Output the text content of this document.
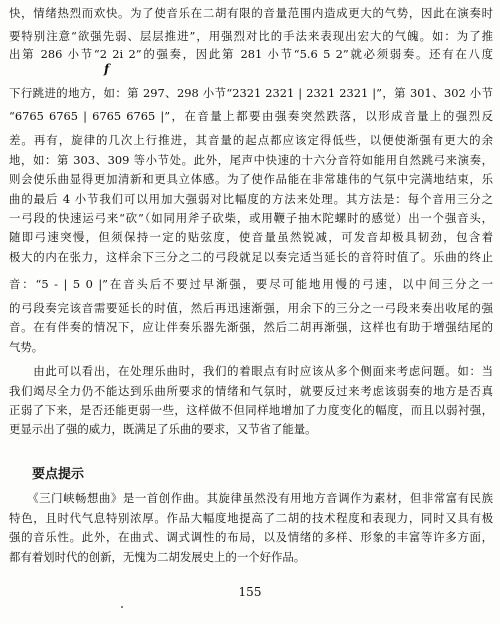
快，情绪热烈而欢快。为了使音乐在二胡有限的音量范围内造成更大的气势，因此在演奏时
要特别注意“欲强先弱、层层推进”，用强烈对比的手法来表现出宏大的气魄。如：为了推
出第 286 小节“2 2i 2”的强奏，因此第 281 小节“5.6 5 2”就必须弱奏。还有在八度
f
下行跳进的地方，如：第 297、298 小节“2321 2321 | 2321 2321 |”，第 301、302 小节
“6765 6765 | 6765 6765 |”，在音量上都要由强奏突然跌落，以形成音量上的强烈反
差。再有，旋律的几次上行推进，其音量的起点都应该定得低些，以便使渐强有更大的余
地，如：第 303、309 等小节处。此外，尾声中快速的十六分音符如能用自然跳弓来演奏，
则会使乐曲显得更加清新和更具立体感。为了使作品能在非常雄伟的气氛中完满地结束，乐
曲的最后 4 小节我们可以用加大强弱对比幅度的方法来处理。其方法是：每个音用三分之
一弓段的快速运弓来“砍”（如同用斧子砍柴，或用鞭子抽木陀螺时的感觉）出一个强音头，
随即弓速突慢，但须保持一定的贴弦度，使音量虽然锐减，可发音却极具韧劲，包含着
极大的内在张力，这样余下三分之二的弓段就足以奏完适当延长的音符时值了。乐曲的终止
音：“5 - | 5 0 |”在音头后不要过早渐强，要尽可能地用慢的弓速，以中间三分之一
的弓段奏完该音需要延长的时值，然后再迅速渐强，用余下的三分之一弓段来奏出收尾的强
音。在有伴奏的情况下，应让伴奏乐器先渐强，然后二胡再渐强，这样也有助于增强结尾的
气势。
　　由此可以看出，在处理乐曲时，我们的着眼点有时应该从多个侧面来考虑问题。如：当
我们竭尽全力仍不能达到乐曲所要求的情绪和气氛时，就要反过来考虑该弱奏的地方是否真
正弱了下来，是否还能更弱一些，这样做不但同样地增加了力度变化的幅度，而且以弱衬强，
更显示出了强的威力，既满足了乐曲的要求，又节省了能量。
要点提示
　　《三门峡畅想曲》是一首创作曲。其旋律虽然没有用地方音调作为素材，但非常富有民族
特色，且时代气息特别浓厚。作品大幅度地提高了二胡的技术程度和表现力，同时又具有极
强的音乐性。此外，在曲式、调式调性的布局，以及情绪的多样、形象的丰富等许多方面，
都有着划时代的创新，无愧为二胡发展史上的一个好作品。
155
